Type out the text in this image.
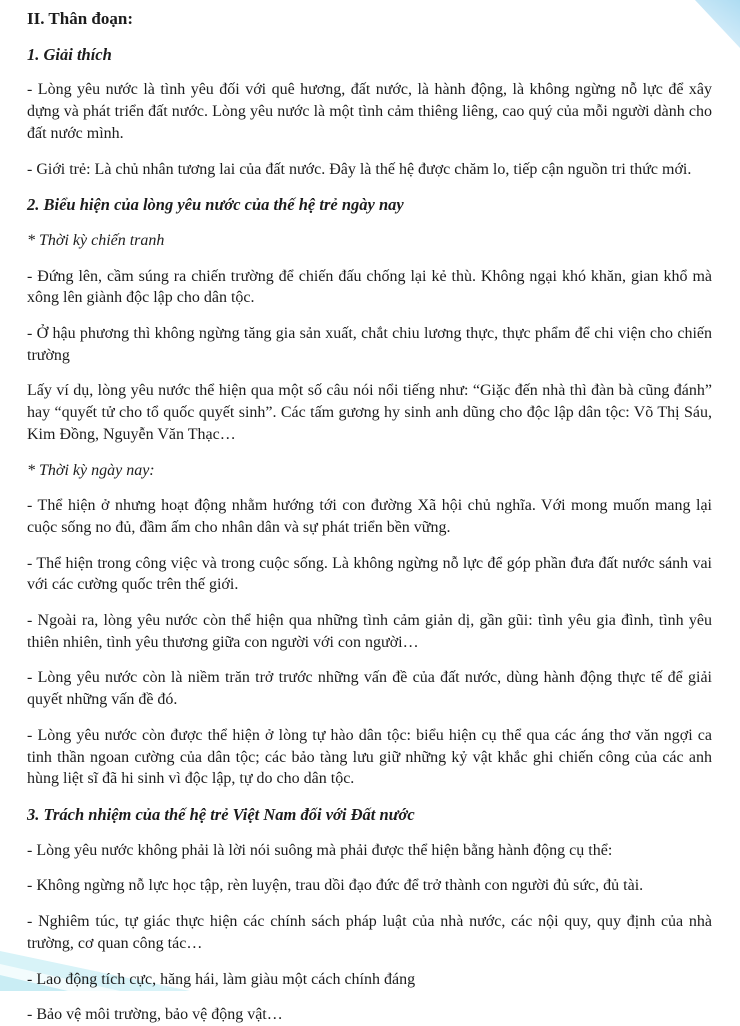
II. Thân đoạn:
1. Giải thích
- Lòng yêu nước là tình yêu đối với quê hương, đất nước, là hành động, là không ngừng nỗ lực để xây dựng và phát triển đất nước. Lòng yêu nước là một tình cảm thiêng liêng, cao quý của mỗi người dành cho đất nước mình.
- Giới trẻ: Là chủ nhân tương lai của đất nước. Đây là thế hệ được chăm lo, tiếp cận nguồn tri thức mới.
2. Biểu hiện của lòng yêu nước của thế hệ trẻ ngày nay
* Thời kỳ chiến tranh
- Đứng lên, cầm súng ra chiến trường để chiến đấu chống lại kẻ thù. Không ngại khó khăn, gian khổ mà xông lên giành độc lập cho dân tộc.
- Ở hậu phương thì không ngừng tăng gia sản xuất, chắt chiu lương thực, thực phẩm để chi viện cho chiến trường
Lấy ví dụ, lòng yêu nước thể hiện qua một số câu nói nổi tiếng như: “Giặc đến nhà thì đàn bà cũng đánh” hay “quyết tử cho tổ quốc quyết sinh”. Các tấm gương hy sinh anh dũng cho độc lập dân tộc: Võ Thị Sáu, Kim Đồng, Nguyễn Văn Thạc…
* Thời kỳ ngày nay:
- Thể hiện ở nhưng hoạt động nhằm hướng tới con đường Xã hội chủ nghĩa. Với mong muốn mang lại cuộc sống no đủ, đầm ấm cho nhân dân và sự phát triển bền vững.
- Thể hiện trong công việc và trong cuộc sống. Là không ngừng nỗ lực để góp phần đưa đất nước sánh vai với các cường quốc trên thế giới.
- Ngoài ra, lòng yêu nước còn thể hiện qua những tình cảm giản dị, gần gũi: tình yêu gia đình, tình yêu thiên nhiên, tình yêu thương giữa con người với con người…
- Lòng yêu nước còn là niềm trăn trở trước những vấn đề của đất nước, dùng hành động thực tế để giải quyết những vấn đề đó.
- Lòng yêu nước còn được thể hiện ở lòng tự hào dân tộc: biểu hiện cụ thể qua các áng thơ văn ngợi ca tinh thần ngoan cường của dân tộc; các bảo tàng lưu giữ những kỷ vật khắc ghi chiến công của các anh hùng liệt sĩ đã hi sinh vì độc lập, tự do cho dân tộc.
3. Trách nhiệm của thế hệ trẻ Việt Nam đối với Đất nước
- Lòng yêu nước không phải là lời nói suông mà phải được thể hiện bằng hành động cụ thể:
- Không ngừng nỗ lực học tập, rèn luyện, trau dồi đạo đức để trở thành con người đủ sức, đủ tài.
- Nghiêm túc, tự giác thực hiện các chính sách pháp luật của nhà nước, các nội quy, quy định của nhà trường, cơ quan công tác…
- Lao động tích cực, hăng hái, làm giàu một cách chính đáng
- Bảo vệ môi trường, bảo vệ động vật…
